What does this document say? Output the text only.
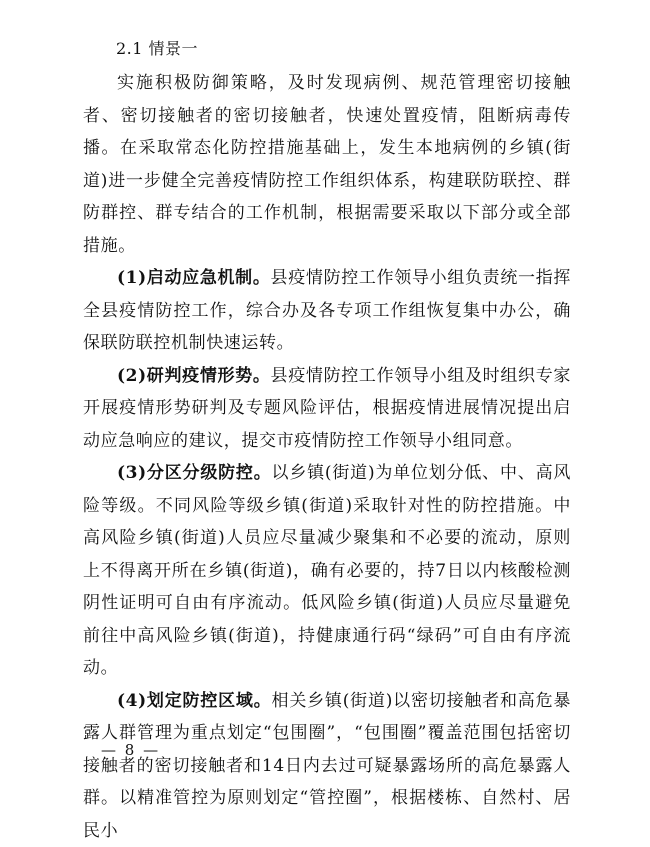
2.1 情景一

实施积极防御策略，及时发现病例、规范管理密切接触者、密切接触者的密切接触者，快速处置疫情，阻断病毒传播。在采取常态化防控措施基础上，发生本地病例的乡镇(街道)进一步健全完善疫情防控工作组织体系，构建联防联控、群防群控、群专结合的工作机制，根据需要采取以下部分或全部措施。

(1)启动应急机制。县疫情防控工作领导小组负责统一指挥全县疫情防控工作，综合办及各专项工作组恢复集中办公，确保联防联控机制快速运转。

(2)研判疫情形势。县疫情防控工作领导小组及时组织专家开展疫情形势研判及专题风险评估，根据疫情进展情况提出启动应急响应的建议，提交市疫情防控工作领导小组同意。

(3)分区分级防控。以乡镇(街道)为单位划分低、中、高风险等级。不同风险等级乡镇(街道)采取针对性的防控措施。中高风险乡镇(街道)人员应尽量减少聚集和不必要的流动，原则上不得离开所在乡镇(街道)，确有必要的，持7日以内核酸检测阴性证明可自由有序流动。低风险乡镇(街道)人员应尽量避免前往中高风险乡镇(街道)，持健康通行码“绿码”可自由有序流动。

(4)划定防控区域。相关乡镇(街道)以密切接触者和高危暴露人群管理为重点划定“包围圈”，“包围圈”覆盖范围包括密切接触者的密切接触者和14日内去过可疑暴露场所的高危暴露人群。以精准管控为原则划定“管控圈”，根据楼栋、自然村、居民小

— 8 —
